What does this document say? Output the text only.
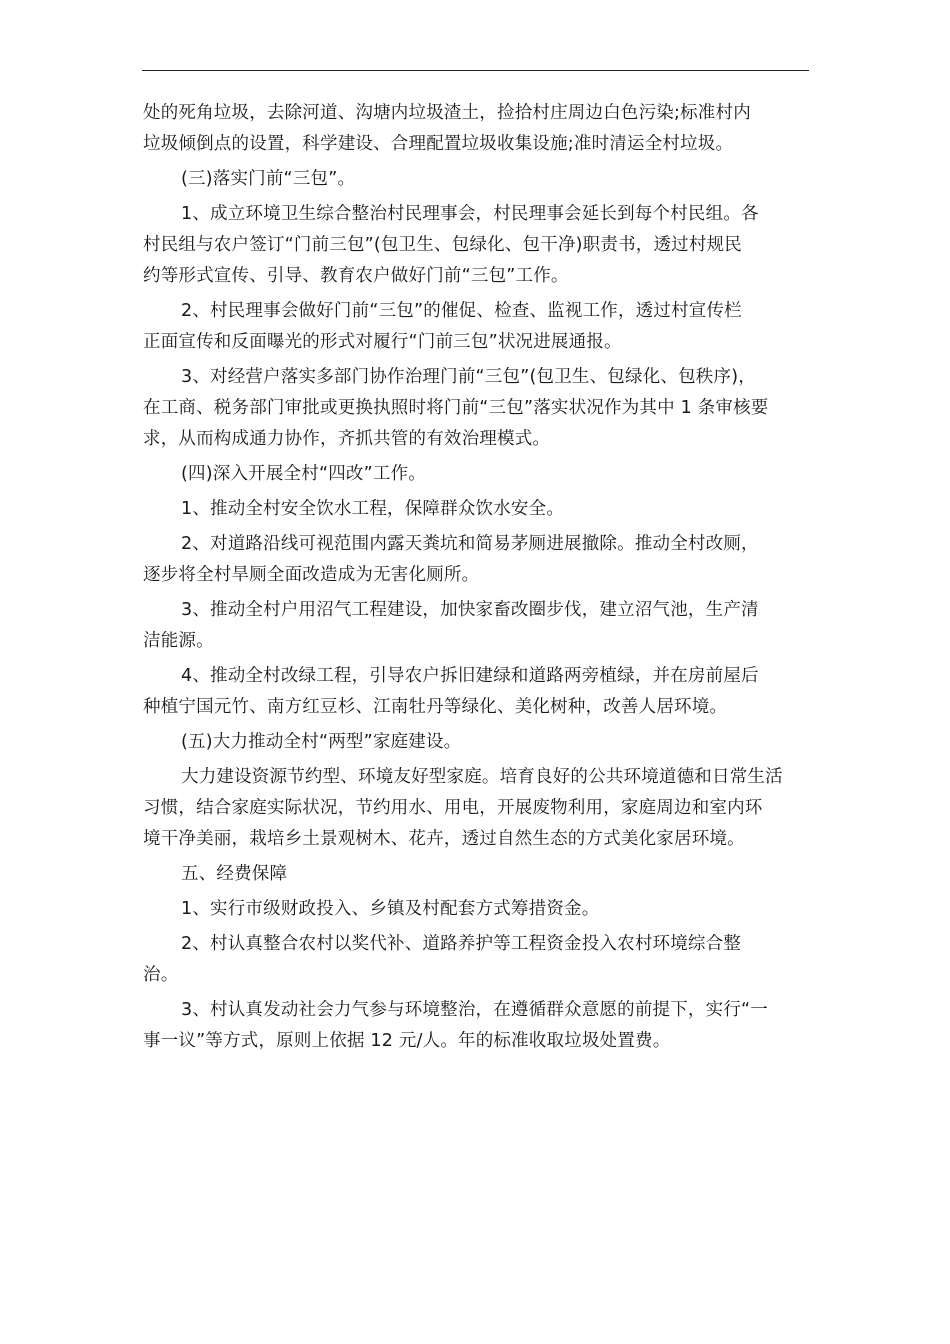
处的死角垃圾，去除河道、沟塘内垃圾渣土，捡拾村庄周边白色污染;标准村内
垃圾倾倒点的设置，科学建设、合理配置垃圾收集设施;准时清运全村垃圾。

(三)落实门前“三包”。

1、成立环境卫生综合整治村民理事会，村民理事会延长到每个村民组。各
村民组与农户签订“门前三包”(包卫生、包绿化、包干净)职责书，透过村规民
约等形式宣传、引导、教育农户做好门前“三包”工作。

2、村民理事会做好门前“三包”的催促、检查、监视工作，透过村宣传栏
正面宣传和反面曝光的形式对履行“门前三包”状况进展通报。

3、对经营户落实多部门协作治理门前“三包”(包卫生、包绿化、包秩序)，
在工商、税务部门审批或更换执照时将门前“三包”落实状况作为其中 1 条审核要
求，从而构成通力协作，齐抓共管的有效治理模式。

(四)深入开展全村“四改”工作。

1、推动全村安全饮水工程，保障群众饮水安全。

2、对道路沿线可视范围内露天粪坑和简易茅厕进展撤除。推动全村改厕，
逐步将全村旱厕全面改造成为无害化厕所。

3、推动全村户用沼气工程建设，加快家畜改圈步伐，建立沼气池，生产清
洁能源。

4、推动全村改绿工程，引导农户拆旧建绿和道路两旁植绿，并在房前屋后
种植宁国元竹、南方红豆杉、江南牡丹等绿化、美化树种，改善人居环境。

(五)大力推动全村“两型”家庭建设。

大力建设资源节约型、环境友好型家庭。培育良好的公共环境道德和日常生活
习惯，结合家庭实际状况，节约用水、用电，开展废物利用，家庭周边和室内环
境干净美丽，栽培乡土景观树木、花卉，透过自然生态的方式美化家居环境。

五、经费保障

1、实行市级财政投入、乡镇及村配套方式筹措资金。

2、村认真整合农村以奖代补、道路养护等工程资金投入农村环境综合整
治。

3、村认真发动社会力气参与环境整治，在遵循群众意愿的前提下，实行“一
事一议”等方式，原则上依据 12 元/人。年的标准收取垃圾处置费。
